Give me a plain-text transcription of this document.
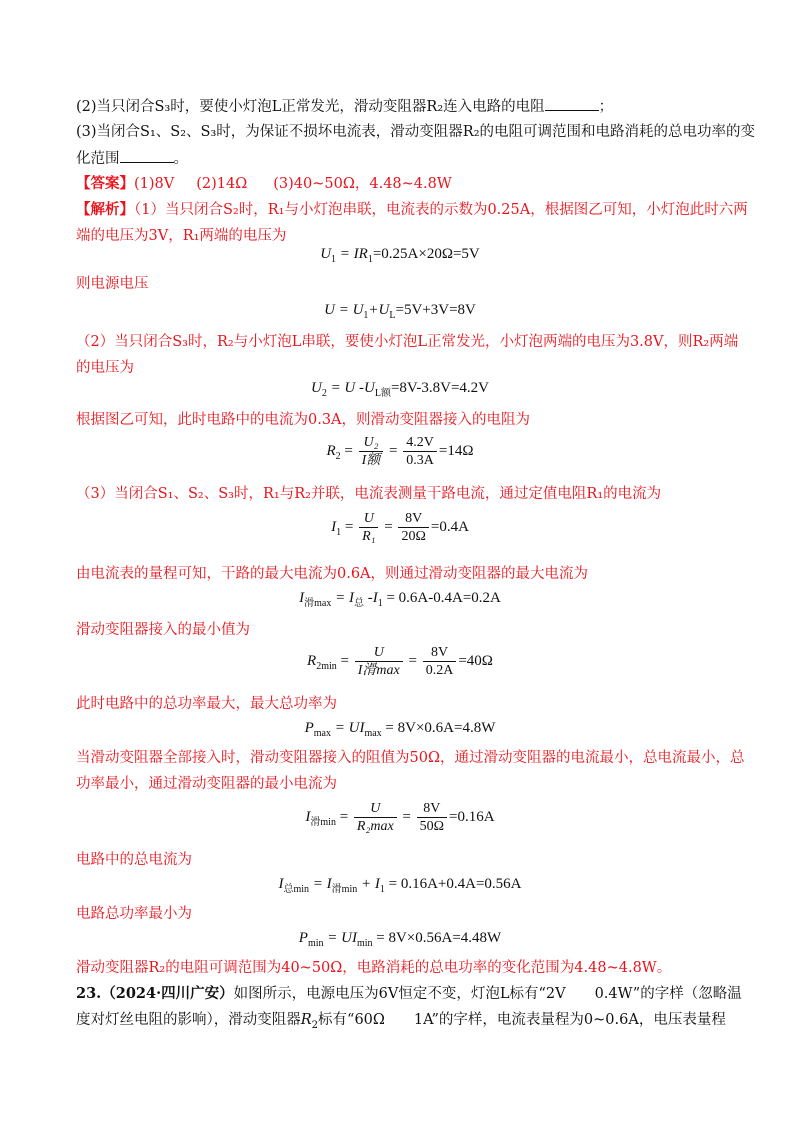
(2)当只闭合S₃时，要使小灯泡L正常发光，滑动变阻器R₂连入电路的电阻	；
(3)当闭合S₁、S₂、S₃时，为保证不损坏电流表，滑动变阻器R₂的电阻可调范围和电路消耗的总电功率的变
化范围	。
【答案】(1)8V (2)14Ω (3)40~50Ω，4.48~4.8W
【解析】（1）当只闭合S₂时，R₁与小灯泡串联，电流表的示数为0.25A，根据图乙可知，小灯泡此时六两
端的电压为3V，R₁两端的电压为
$U_1 = IR_1=0.25A\times 20\Omega=5V$
则电源电压
$U = U_1+U_L=5V+3V=8V$
（2）当只闭合S₃时，R₂与小灯泡L串联，要使小灯泡L正常发光，小灯泡两端的电压为3.8V，则R₂两端
的电压为
$U_2 = U$ $-U_{L额}=8V-3.8V=4.2V$
根据图乙可知，此时电路中的电流为0.3A，则滑动变阻器接入的电阻为
$R_2 = \frac{\text{U₂}}{\text{I额}} = \frac{4.2V}{0.3A} =14\Omega$
（3）当闭合S₁、S₂、S₃时，R₁与R₂并联，电流表测量干路电流，通过定值电阻R₁的电流为
$I_1 = \frac{U}{\text{R₁}} = \frac{8V}{20\Omega} =0.4A$
由电流表的量程可知，干路的最大电流为0.6A，则通过滑动变阻器的最大电流为
$I_{滑max} = I_总$ $-I_1 = 0.6A-0.4A=0.2A$
滑动变阻器接入的最小值为
$R_{2min} = \frac{U}{\text{I滑max}} = \frac{8V}{0.2A} =40\Omega$
此时电路中的总功率最大，最大总功率为
$P_{max} = UI_{max} = 8V\times 0.6A=4.8W$
当滑动变阻器全部接入时，滑动变阻器接入的阻值为50Ω，通过滑动变阻器的电流最小，总电流最小，总
功率最小，通过滑动变阻器的最小电流为
$I_{滑min} = \frac{U}{\text{R₂max}} = \frac{8V}{50\Omega} =0.16A$
电路中的总电流为
$I_{总min} = I_{滑min} + I_1 = 0.16A+0.4A=0.56A$
电路总功率最小为
$P_{min} = UI_{min} = 8V\times 0.56A=4.48W$
滑动变阻器R₂的电阻可调范围为40~50Ω，电路消耗的总电功率的变化范围为4.48~4.8W。
23.（2024·四川广安）如图所示，电源电压为6V恒定不变，灯泡L标有“2V　　0.4W”的字样（忽略温
度对灯丝电阻的影响），滑动变阻器$R_2$标有“60Ω　　1A”的字样，电流表量程为0~0.6A，电压表量程
